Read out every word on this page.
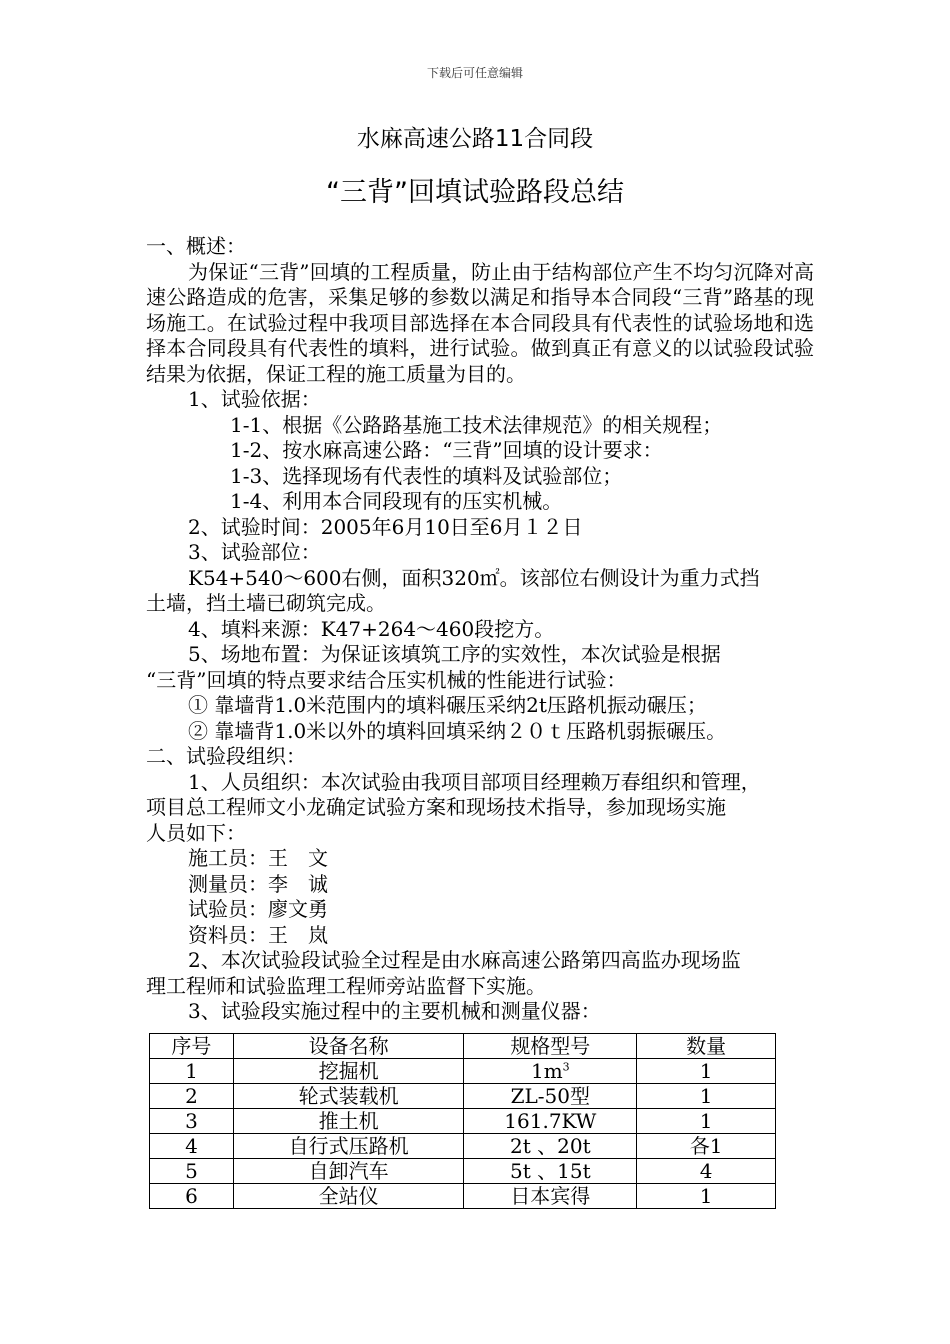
下载后可任意编辑
水麻高速公路11合同段
“三背”回填试验路段总结
一、概述：
为保证“三背”回填的工程质量，防止由于结构部位产生不均匀沉降对高速公路造成的危害，采集足够的参数以满足和指导本合同段“三背”路基的现场施工。在试验过程中我项目部选择在本合同段具有代表性的试验场地和选择本合同段具有代表性的填料，进行试验。做到真正有意义的以试验段试验结果为依据，保证工程的施工质量为目的。
1、试验依据：
1-1、根据《公路路基施工技术法律规范》的相关规程；
1-2、按水麻高速公路：“三背”回填的设计要求：
1-3、选择现场有代表性的填料及试验部位；
1-4、利用本合同段现有的压实机械。
2、试验时间：2005年6月10日至6月１２日
3、试验部位：
K54+540～600右侧，面积320㎡。该部位右侧设计为重力式挡
土墙，挡土墙已砌筑完成。
4、填料来源：K47+264～460段挖方。
5、场地布置：为保证该填筑工序的实效性，本次试验是根据
“三背”回填的特点要求结合压实机械的性能进行试验：
① 靠墙背1.0米范围内的填料碾压采纳2t压路机振动碾压；
② 靠墙背1.0米以外的填料回填采纳２０ｔ压路机弱振碾压。
二、试验段组织：
1、人员组织：本次试验由我项目部项目经理赖万春组织和管理，
项目总工程师文小龙确定试验方案和现场技术指导，参加现场实施
人员如下：
施工员：王　文
测量员：李　诚
试验员：廖文勇
资料员：王　岚
2、本次试验段试验全过程是由水麻高速公路第四高监办现场监
理工程师和试验监理工程师旁站监督下实施。
3、试验段实施过程中的主要机械和测量仪器：
序号	设备名称	规格型号	数量
1	挖掘机	$1m^3$	1
2	轮式装载机	ZL-50型	1
3	推土机	161.7KW	1
4	自行式压路机	2t 、20t	各1
5	自卸汽车	5t 、15t	4
6	全站仪	日本宾得	1
